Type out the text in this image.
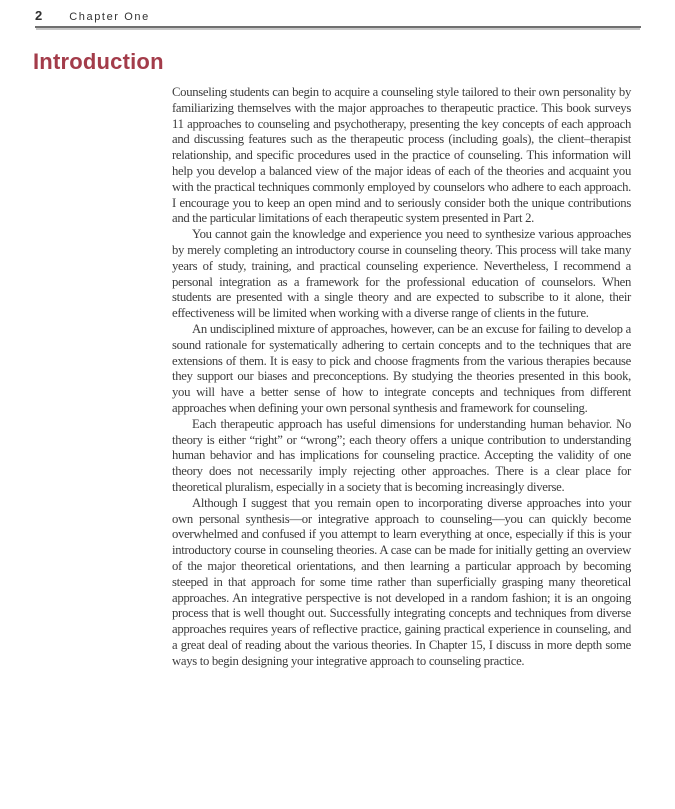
2 Chapter One
Introduction

Counseling students can begin to acquire a counseling style tailored to their own personality by familiarizing themselves with the major approaches to therapeutic practice. This book surveys 11 approaches to counseling and psychotherapy, presenting the key concepts of each approach and discussing features such as the therapeutic process (including goals), the client–therapist relationship, and specific procedures used in the practice of counseling. This information will help you develop a balanced view of the major ideas of each of the theories and acquaint you with the practical techniques commonly employed by counselors who adhere to each approach. I encourage you to keep an open mind and to seriously consider both the unique contributions and the particular limitations of each therapeutic system presented in Part 2.

You cannot gain the knowledge and experience you need to synthesize various approaches by merely completing an introductory course in counseling theory. This process will take many years of study, training, and practical counseling experience. Nevertheless, I recommend a personal integration as a framework for the professional education of counselors. When students are presented with a single theory and are expected to subscribe to it alone, their effectiveness will be limited when working with a diverse range of clients in the future.

An undisciplined mixture of approaches, however, can be an excuse for failing to develop a sound rationale for systematically adhering to certain concepts and to the techniques that are extensions of them. It is easy to pick and choose fragments from the various therapies because they support our biases and preconceptions. By studying the theories presented in this book, you will have a better sense of how to integrate concepts and techniques from different approaches when defining your own personal synthesis and framework for counseling.

Each therapeutic approach has useful dimensions for understanding human behavior. No theory is either “right” or “wrong”; each theory offers a unique contribution to understanding human behavior and has implications for counseling practice. Accepting the validity of one theory does not necessarily imply rejecting other approaches. There is a clear place for theoretical pluralism, especially in a society that is becoming increasingly diverse.

Although I suggest that you remain open to incorporating diverse approaches into your own personal synthesis—or integrative approach to counseling—you can quickly become overwhelmed and confused if you attempt to learn everything at once, especially if this is your introductory course in counseling theories. A case can be made for initially getting an overview of the major theoretical orientations, and then learning a particular approach by becoming steeped in that approach for some time rather than superficially grasping many theoretical approaches. An integrative perspective is not developed in a random fashion; it is an ongoing process that is well thought out. Successfully integrating concepts and techniques from diverse approaches requires years of reflective practice, gaining practical experience in counseling, and a great deal of reading about the various theories. In Chapter 15, I discuss in more depth some ways to begin designing your integrative approach to counseling practice.
